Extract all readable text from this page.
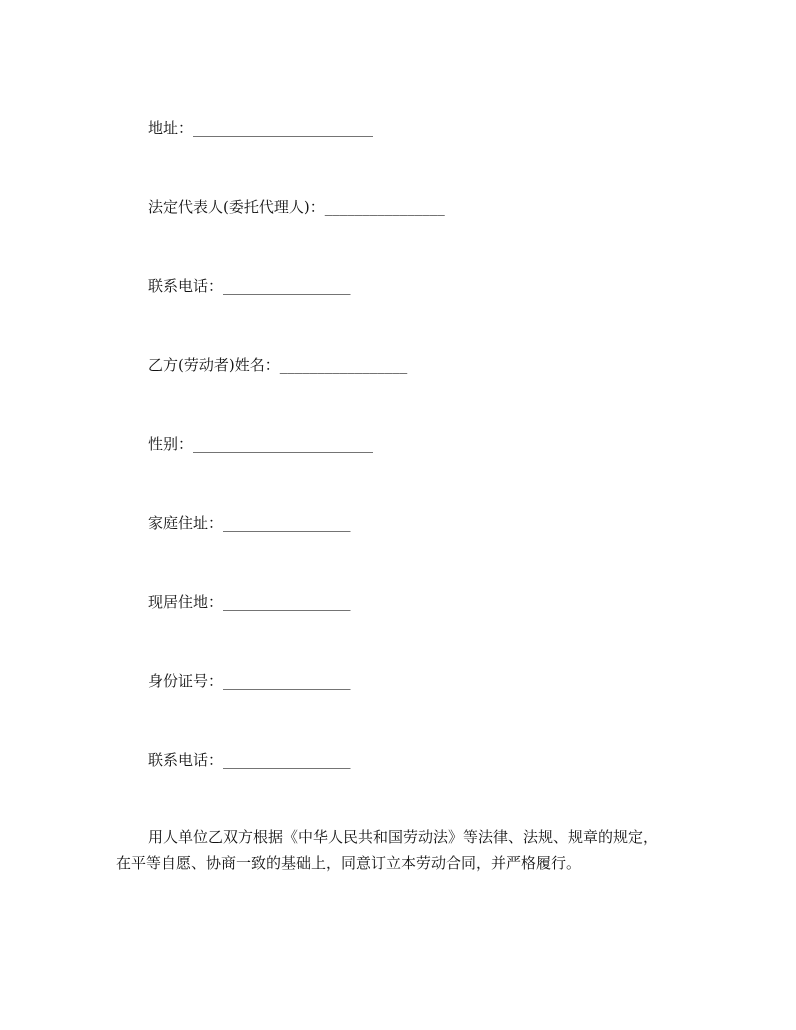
地址：________________________
法定代表人(委托代理人)：________________
联系电话：_________________
乙方(劳动者)姓名：_________________
性别：________________________
家庭住址：_________________
现居住地：_________________
身份证号：_________________
联系电话：_________________
用人单位乙双方根据《中华人民共和国劳动法》等法律、法规、规章的规定，
在平等自愿、协商一致的基础上，同意订立本劳动合同，并严格履行。
